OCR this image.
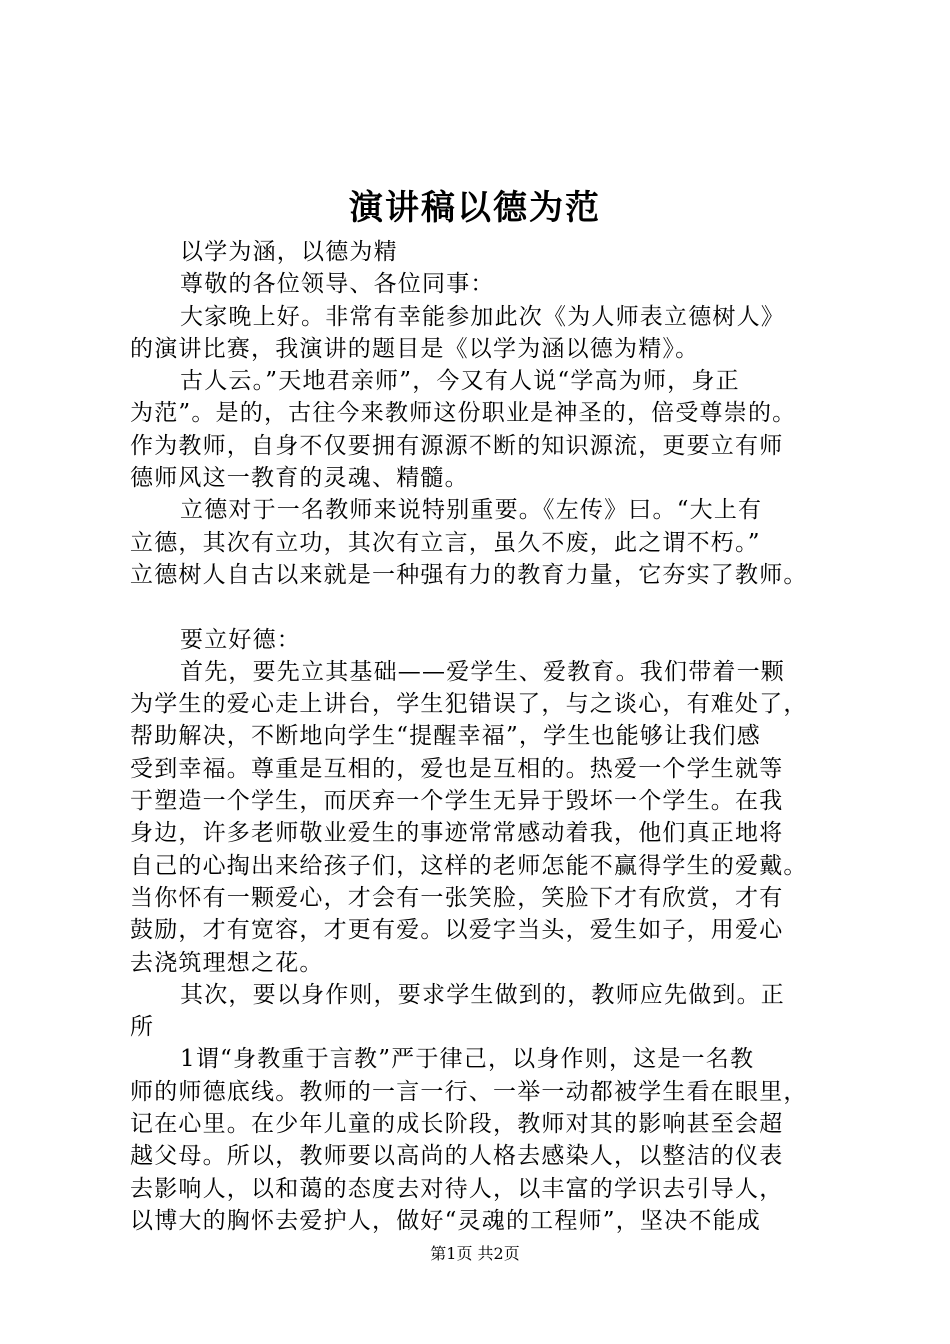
演讲稿以德为范
以学为涵，以德为精
尊敬的各位领导、各位同事：
大家晚上好。非常有幸能参加此次《为人师表立德树人》
的演讲比赛，我演讲的题目是《以学为涵以德为精》。
古人云。”天地君亲师”，今又有人说“学高为师，身正
为范”。是的，古往今来教师这份职业是神圣的，倍受尊崇的。
作为教师，自身不仅要拥有源源不断的知识源流，更要立有师
德师风这一教育的灵魂、精髓。
立德对于一名教师来说特别重要。《左传》曰。“大上有
立德，其次有立功，其次有立言，虽久不废，此之谓不朽。”
立德树人自古以来就是一种强有力的教育力量，它夯实了教师。
要立好德：
首先，要先立其基础——爱学生、爱教育。我们带着一颗
为学生的爱心走上讲台，学生犯错误了，与之谈心，有难处了，
帮助解决，不断地向学生“提醒幸福”，学生也能够让我们感
受到幸福。尊重是互相的，爱也是互相的。热爱一个学生就等
于塑造一个学生，而厌弃一个学生无异于毁坏一个学生。在我
身边，许多老师敬业爱生的事迹常常感动着我，他们真正地将
自己的心掏出来给孩子们，这样的老师怎能不赢得学生的爱戴。
当你怀有一颗爱心，才会有一张笑脸，笑脸下才有欣赏，才有
鼓励，才有宽容，才更有爱。以爱字当头，爱生如子，用爱心
去浇筑理想之花。
其次，要以身作则，要求学生做到的，教师应先做到。正
所
1谓“身教重于言教”严于律己，以身作则，这是一名教
师的师德底线。教师的一言一行、一举一动都被学生看在眼里，
记在心里。在少年儿童的成长阶段，教师对其的影响甚至会超
越父母。所以，教师要以高尚的人格去感染人，以整洁的仪表
去影响人，以和蔼的态度去对待人，以丰富的学识去引导人，
以博大的胸怀去爱护人，做好“灵魂的工程师”，坚决不能成
第1页 共2页
